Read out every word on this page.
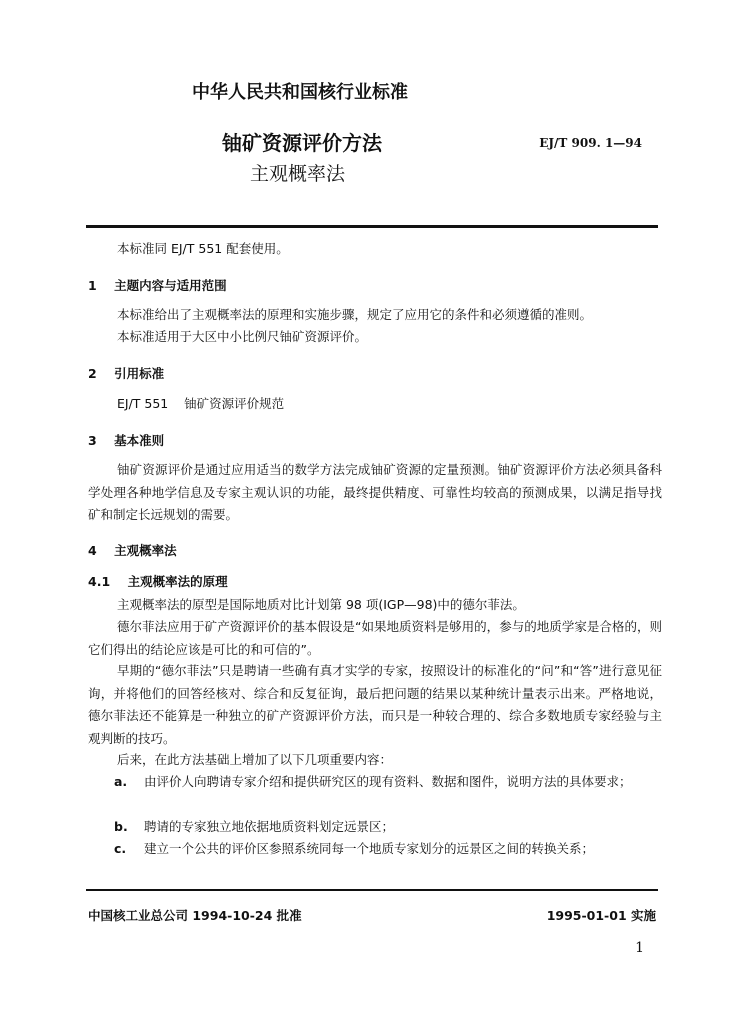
中华人民共和国核行业标准
铀矿资源评价方法
主观概率法
EJ/T 909. 1—94
本标准同 EJ/T 551 配套使用。
1 主题内容与适用范围
本标准给出了主观概率法的原理和实施步骤，规定了应用它的条件和必须遵循的准则。
本标准适用于大区中小比例尺铀矿资源评价。
2 引用标准
EJ/T 551 铀矿资源评价规范
3 基本准则
铀矿资源评价是通过应用适当的数学方法完成铀矿资源的定量预测。铀矿资源评价方法必须具备科学处理各种地学信息及专家主观认识的功能，最终提供精度、可靠性均较高的预测成果，以满足指导找矿和制定长远规划的需要。
4 主观概率法
4.1 主观概率法的原理
主观概率法的原型是国际地质对比计划第 98 项(IGP—98)中的德尔菲法。
德尔菲法应用于矿产资源评价的基本假设是“如果地质资料是够用的，参与的地质学家是合格的，则它们得出的结论应该是可比的和可信的”。
早期的“德尔菲法”只是聘请一些确有真才实学的专家，按照设计的标准化的“问”和“答”进行意见征询，并将他们的回答经核对、综合和反复征询，最后把问题的结果以某种统计量表示出来。严格地说，德尔菲法还不能算是一种独立的矿产资源评价方法，而只是一种较合理的、综合多数地质专家经验与主观判断的技巧。
后来，在此方法基础上增加了以下几项重要内容：
a. 由评价人向聘请专家介绍和提供研究区的现有资料、数据和图件，说明方法的具体要求；
b. 聘请的专家独立地依据地质资料划定远景区；
c. 建立一个公共的评价区参照系统同每一个地质专家划分的远景区之间的转换关系；
中国核工业总公司 1994-10-24 批准	1995-01-01 实施
1
